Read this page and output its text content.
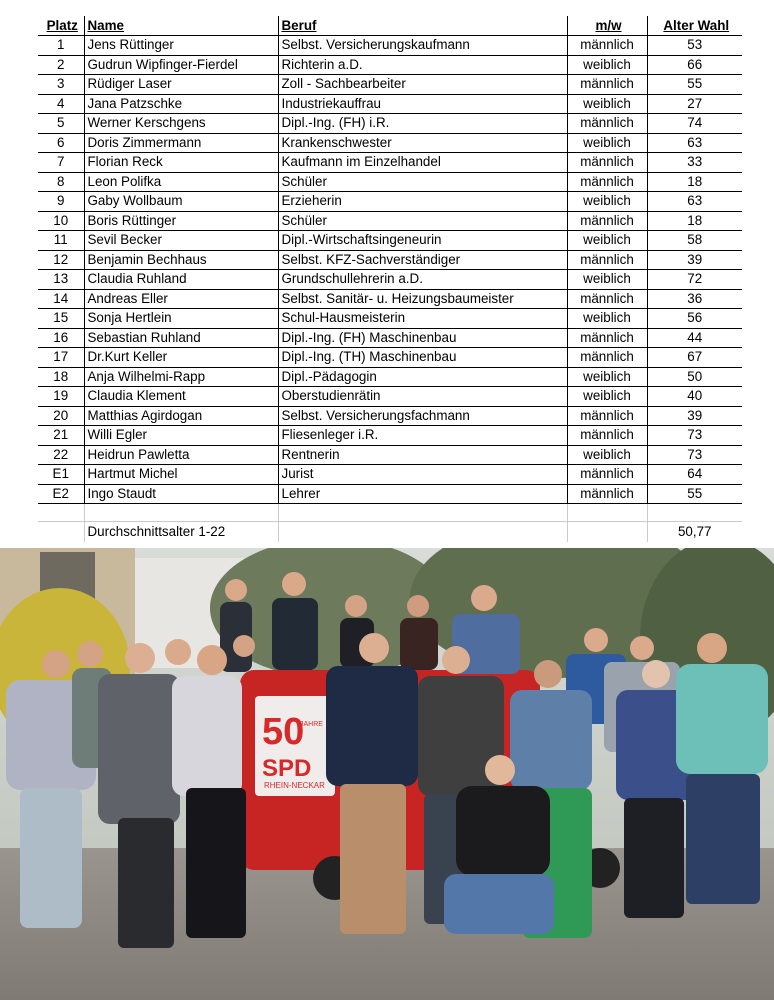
Platz	Name	Beruf	m/w	Alter Wahl
1	Jens Rüttinger	Selbst. Versicherungskaufmann	männlich	53
2	Gudrun Wipfinger-Fierdel	Richterin a.D.	weiblich	66
3	Rüdiger Laser	Zoll - Sachbearbeiter	männlich	55
4	Jana Patzschke	Industriekauffrau	weiblich	27
5	Werner Kerschgens	Dipl.-Ing. (FH) i.R.	männlich	74
6	Doris Zimmermann	Krankenschwester	weiblich	63
7	Florian Reck	Kaufmann im Einzelhandel	männlich	33
8	Leon Polifka	Schüler	männlich	18
9	Gaby Wollbaum	Erzieherin	weiblich	63
10	Boris Rüttinger	Schüler	männlich	18
11	Sevil Becker	Dipl.-Wirtschaftsingeneurin	weiblich	58
12	Benjamin Bechhaus	Selbst. KFZ-Sachverständiger	männlich	39
13	Claudia Ruhland	Grundschullehrerin a.D.	weiblich	72
14	Andreas Eller	Selbst. Sanitär- u. Heizungsbaumeister	männlich	36
15	Sonja Hertlein	Schul-Hausmeisterin	weiblich	56
16	Sebastian Ruhland	Dipl.-Ing. (FH) Maschinenbau	männlich	44
17	Dr.Kurt Keller	Dipl.-Ing. (TH) Maschinenbau	männlich	67
18	Anja Wilhelmi-Rapp	Dipl.-Pädagogin	weiblich	50
19	Claudia Klement	Oberstudienrätin	weiblich	40
20	Matthias Agirdogan	Selbst. Versicherungsfachmann	männlich	39
21	Willi Egler	Fliesenleger i.R.	männlich	73
22	Heidrun Pawletta	Rentnerin	weiblich	73
E1	Hartmut Michel	Jurist	männlich	64
E2	Ingo Staudt	Lehrer	männlich	55

	Durchschnittsalter 1-22			50,77
50
JAHRE
SPD
RHEIN-NECKAR
